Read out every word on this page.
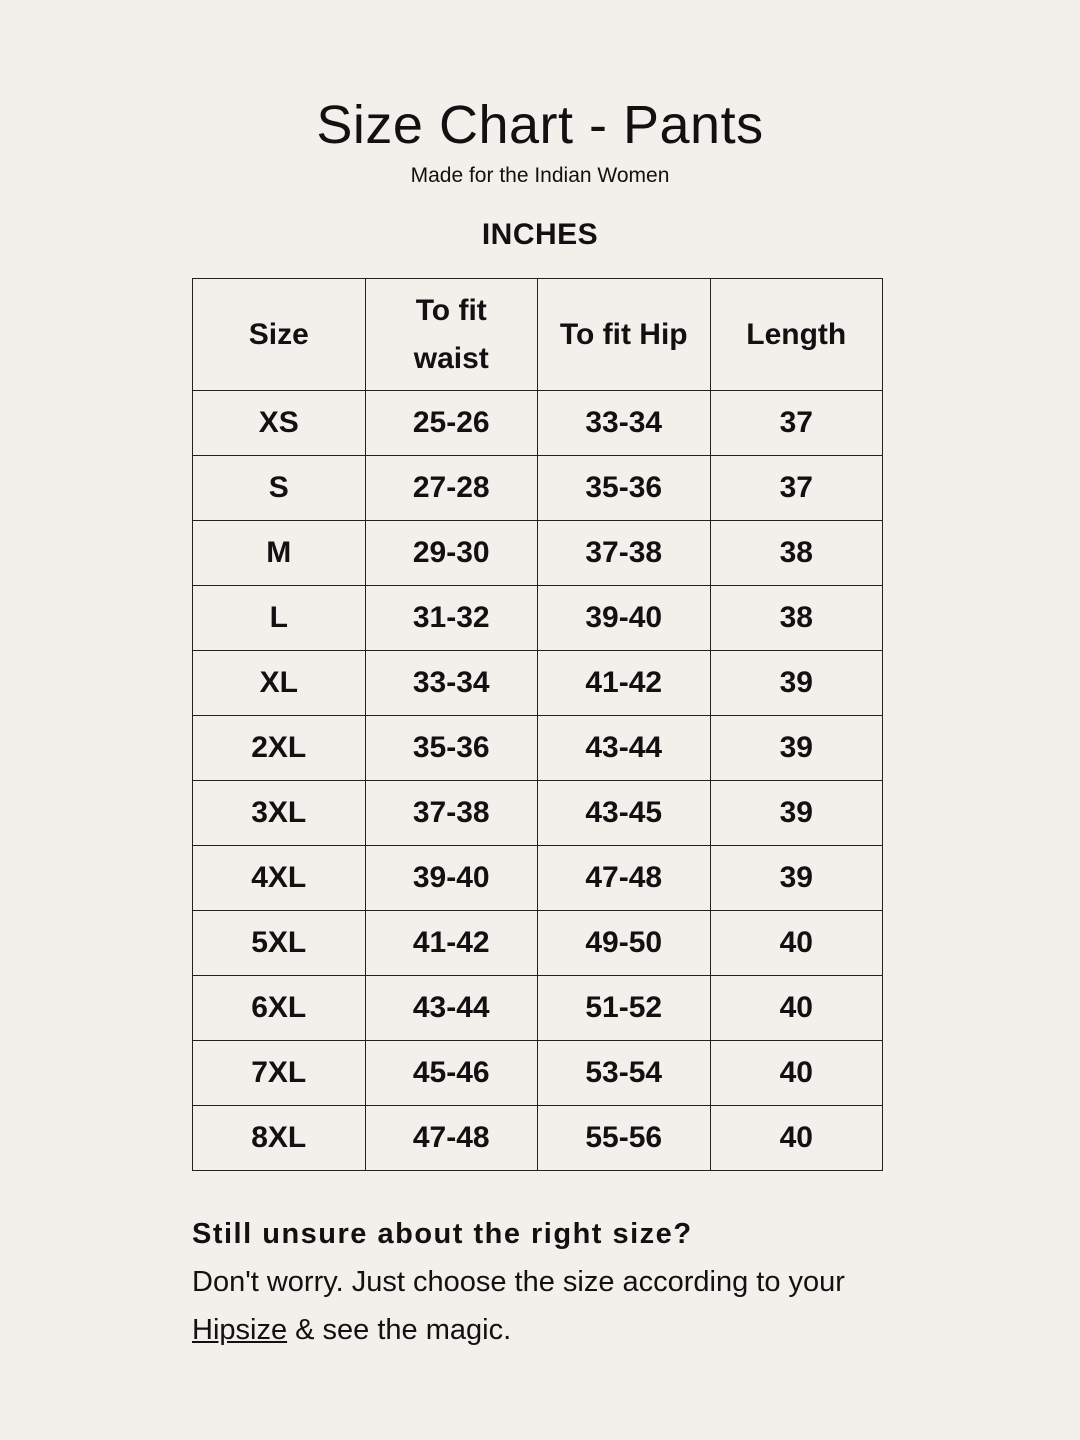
Size Chart - Pants
Made for the Indian Women
INCHES
Size	To fit waist	To fit Hip	Length
XS	25-26	33-34	37
S	27-28	35-36	37
M	29-30	37-38	38
L	31-32	39-40	38
XL	33-34	41-42	39
2XL	35-36	43-44	39
3XL	37-38	43-45	39
4XL	39-40	47-48	39
5XL	41-42	49-50	40
6XL	43-44	51-52	40
7XL	45-46	53-54	40
8XL	47-48	55-56	40

Still unsure about the right size?

Don't worry. Just choose the size according to your Hipsize & see the magic.
